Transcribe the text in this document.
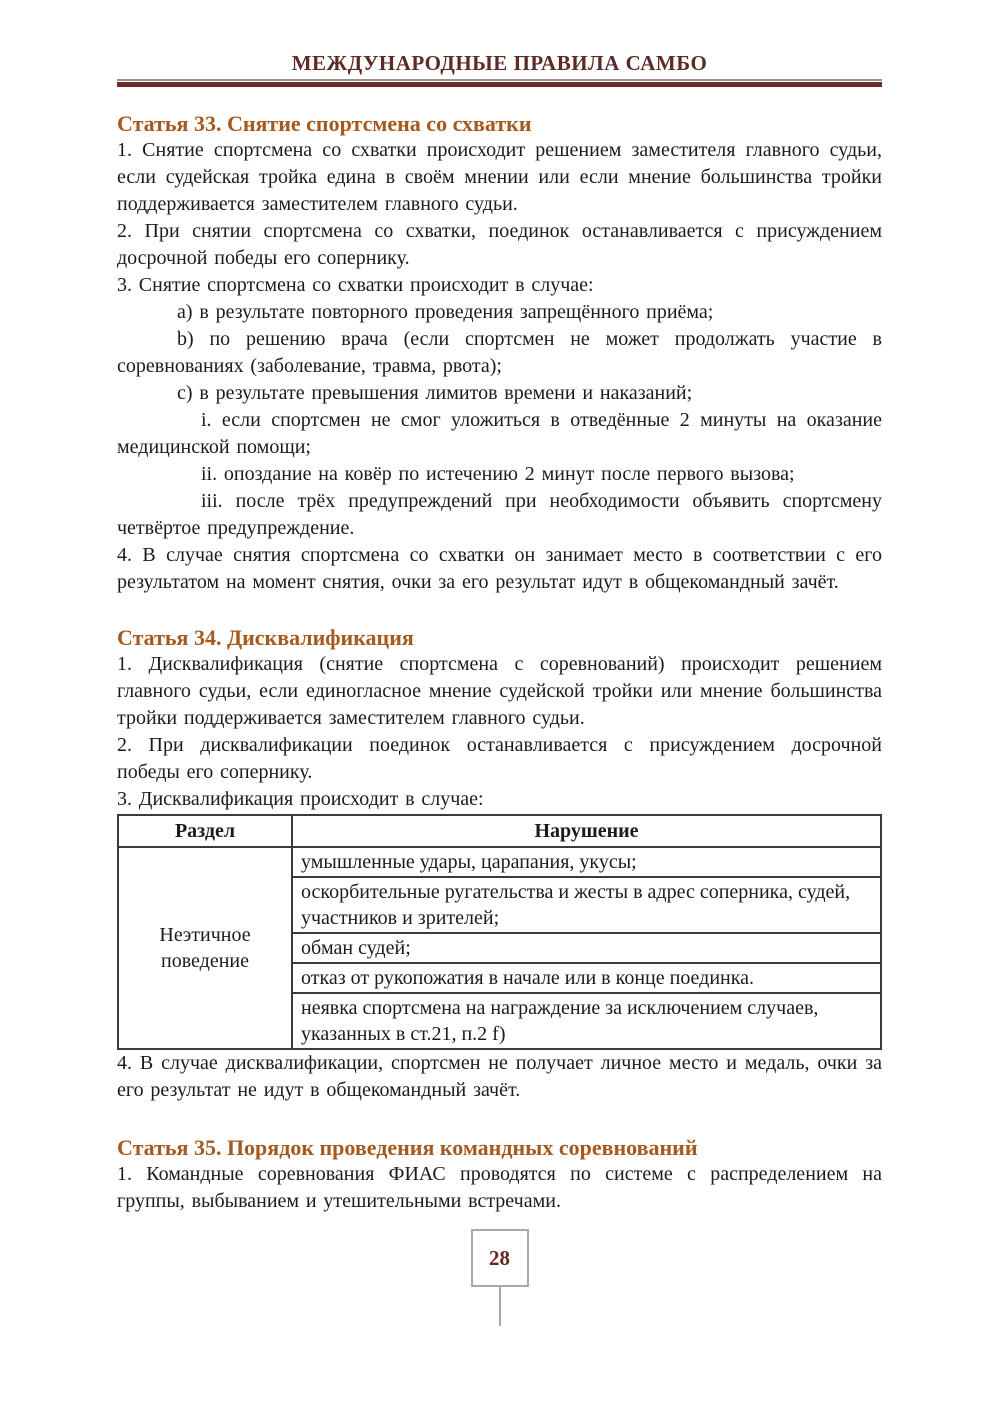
МЕЖДУНАРОДНЫЕ ПРАВИЛА САМБО
Статья 33. Снятие спортсмена со схватки

1. Снятие спортсмена со схватки происходит решением заместителя главного судьи, если судейская тройка едина в своём мнении или если мнение большинства тройки поддерживается заместителем главного судьи.

2. При снятии спортсмена со схватки, поединок останавливается с присуждением досрочной победы его сопернику.

3. Снятие спортсмена со схватки происходит в случае:

a) в результате повторного проведения запрещённого приёма;

b) по решению врача (если спортсмен не может продолжать участие в соревнованиях (заболевание, травма, рвота);

c) в результате превышения лимитов времени и наказаний;

i. если спортсмен не смог уложиться в отведённые 2 минуты на оказание медицинской помощи;

ii. опоздание на ковёр по истечению 2 минут после первого вызова;

iii. после трёх предупреждений при необходимости объявить спортсмену четвёртое предупреждение.

4. В случае снятия спортсмена со схватки он занимает место в соответствии с его результатом на момент снятия, очки за его результат идут в общекомандный зачёт.

Статья 34. Дисквалификация

1. Дисквалификация (снятие спортсмена с соревнований) происходит решением главного судьи, если единогласное мнение судейской тройки или мнение большинства тройки поддерживается заместителем главного судьи.

2. При дисквалификации поединок останавливается с присуждением досрочной победы его сопернику.

3. Дисквалификация происходит в случае:

Раздел	Нарушение
Неэтичное поведение	умышленные удары, царапания, укусы;
	оскорбительные ругательства и жесты в адрес соперника, судей, участников и зрителей;
	обман судей;
	отказ от рукопожатия в начале или в конце поединка.
	неявка спортсмена на награждение за исключением случаев, указанных в ст.21, п.2 f)

4. В случае дисквалификации, спортсмен не получает личное место и медаль, очки за его результат не идут в общекомандный зачёт.

Статья 35. Порядок проведения командных соревнований

1. Командные соревнования ФИАС проводятся по системе с распределением на группы, выбыванием и утешительными встречами.

28
